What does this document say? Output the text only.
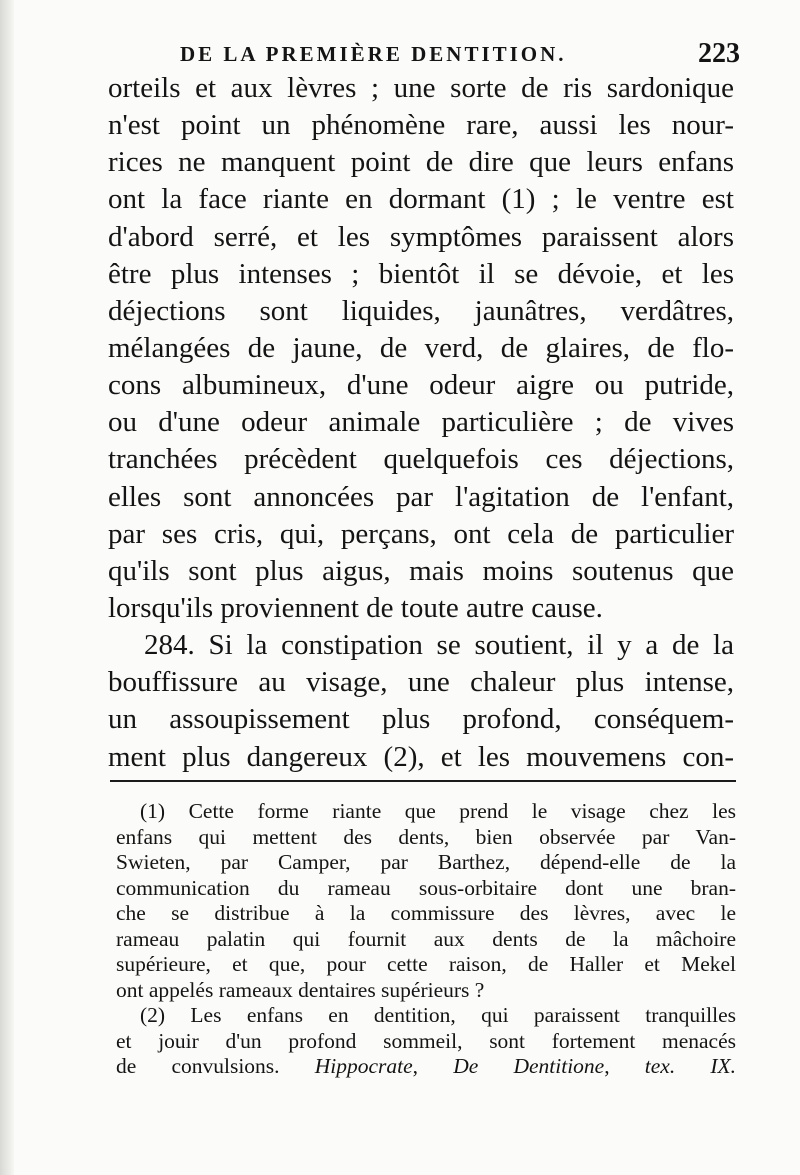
DE LA PREMIÈRE DENTITION.	223
orteils et aux lèvres ; une sorte de ris sardonique
n'est point un phénomène rare, aussi les nour-
rices ne manquent point de dire que leurs enfans
ont la face riante en dormant (1) ; le ventre est
d'abord serré, et les symptômes paraissent alors
être plus intenses ; bientôt il se dévoie, et les
déjections sont liquides, jaunâtres, verdâtres,
mélangées de jaune, de verd, de glaires, de flo-
cons albumineux, d'une odeur aigre ou putride,
ou d'une odeur animale particulière ; de vives
tranchées précèdent quelquefois ces déjections,
elles sont annoncées par l'agitation de l'enfant,
par ses cris, qui, perçans, ont cela de particulier
qu'ils sont plus aigus, mais moins soutenus que
lorsqu'ils proviennent de toute autre cause.
284. Si la constipation se soutient, il y a de la
bouffissure au visage, une chaleur plus intense,
un assoupissement plus profond, conséquem-
ment plus dangereux (2), et les mouvemens con-
(1) Cette forme riante que prend le visage chez les
enfans qui mettent des dents, bien observée par Van-
Swieten, par Camper, par Barthez, dépend-elle de la
communication du rameau sous-orbitaire dont une bran-
che se distribue à la commissure des lèvres, avec le
rameau palatin qui fournit aux dents de la mâchoire
supérieure, et que, pour cette raison, de Haller et Mekel
ont appelés rameaux dentaires supérieurs ?
(2) Les enfans en dentition, qui paraissent tranquilles
et jouir d'un profond sommeil, sont fortement menacés
de convulsions. Hippocrate, De Dentitione, tex. IX.
